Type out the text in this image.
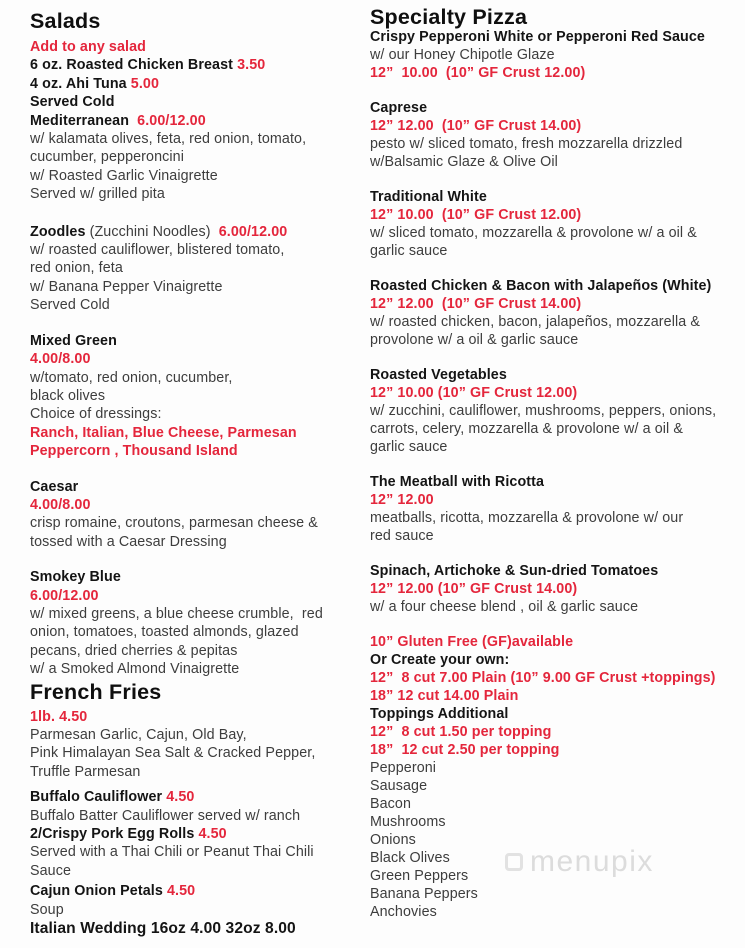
Salads

Add to any salad

6 oz. Roasted Chicken Breast 3.50

4 oz. Ahi Tuna 5.00

Served Cold

Mediterranean  6.00/12.00

w/ kalamata olives, feta, red onion, tomato,

cucumber, pepperoncini

w/ Roasted Garlic Vinaigrette

Served w/ grilled pita

Zoodles (Zucchini Noodles)  6.00/12.00

w/ roasted cauliflower, blistered tomato,

red onion, feta

w/ Banana Pepper Vinaigrette

Served Cold

Mixed Green

4.00/8.00

w/tomato, red onion, cucumber,

black olives

Choice of dressings:

Ranch, Italian, Blue Cheese, Parmesan

Peppercorn , Thousand Island

Caesar

4.00/8.00

crisp romaine, croutons, parmesan cheese &

tossed with a Caesar Dressing

Smokey Blue

6.00/12.00

w/ mixed greens, a blue cheese crumble,  red

onion, tomatoes, toasted almonds, glazed

pecans, dried cherries & pepitas

w/ a Smoked Almond Vinaigrette

French Fries

1lb. 4.50

Parmesan Garlic, Cajun, Old Bay,

Pink Himalayan Sea Salt & Cracked Pepper,

Truffle Parmesan

Buffalo Cauliflower 4.50

Buffalo Batter Cauliflower served w/ ranch

2/Crispy Pork Egg Rolls 4.50

Served with a Thai Chili or Peanut Thai Chili

Sauce

Cajun Onion Petals 4.50

Soup

Italian Wedding 16oz 4.00 32oz 8.00

Specialty Pizza

Crispy Pepperoni White or Pepperoni Red Sauce

w/ our Honey Chipotle Glaze

12”  10.00  (10” GF Crust 12.00)

Caprese

12” 12.00  (10” GF Crust 14.00)

pesto w/ sliced tomato, fresh mozzarella drizzled

w/Balsamic Glaze & Olive Oil

Traditional White

12” 10.00  (10” GF Crust 12.00)

w/ sliced tomato, mozzarella & provolone w/ a oil &

garlic sauce

Roasted Chicken & Bacon with Jalapeños (White)

12” 12.00  (10” GF Crust 14.00)

w/ roasted chicken, bacon, jalapeños, mozzarella &

provolone w/ a oil & garlic sauce

Roasted Vegetables

12” 10.00 (10” GF Crust 12.00)

w/ zucchini, cauliflower, mushrooms, peppers, onions,

carrots, celery, mozzarella & provolone w/ a oil &

garlic sauce

The Meatball with Ricotta

12” 12.00

meatballs, ricotta, mozzarella & provolone w/ our

red sauce

Spinach, Artichoke & Sun-dried Tomatoes

12” 12.00 (10” GF Crust 14.00)

w/ a four cheese blend , oil & garlic sauce

10” Gluten Free (GF)available

Or Create your own:

12”  8 cut 7.00 Plain (10” 9.00 GF Crust +toppings)

18” 12 cut 14.00 Plain

Toppings Additional

12”  8 cut 1.50 per topping

18”  12 cut 2.50 per topping

Pepperoni

Sausage

Bacon

Mushrooms

Onions

Black Olives

Green Peppers

Banana Peppers

Anchovies

menupix
